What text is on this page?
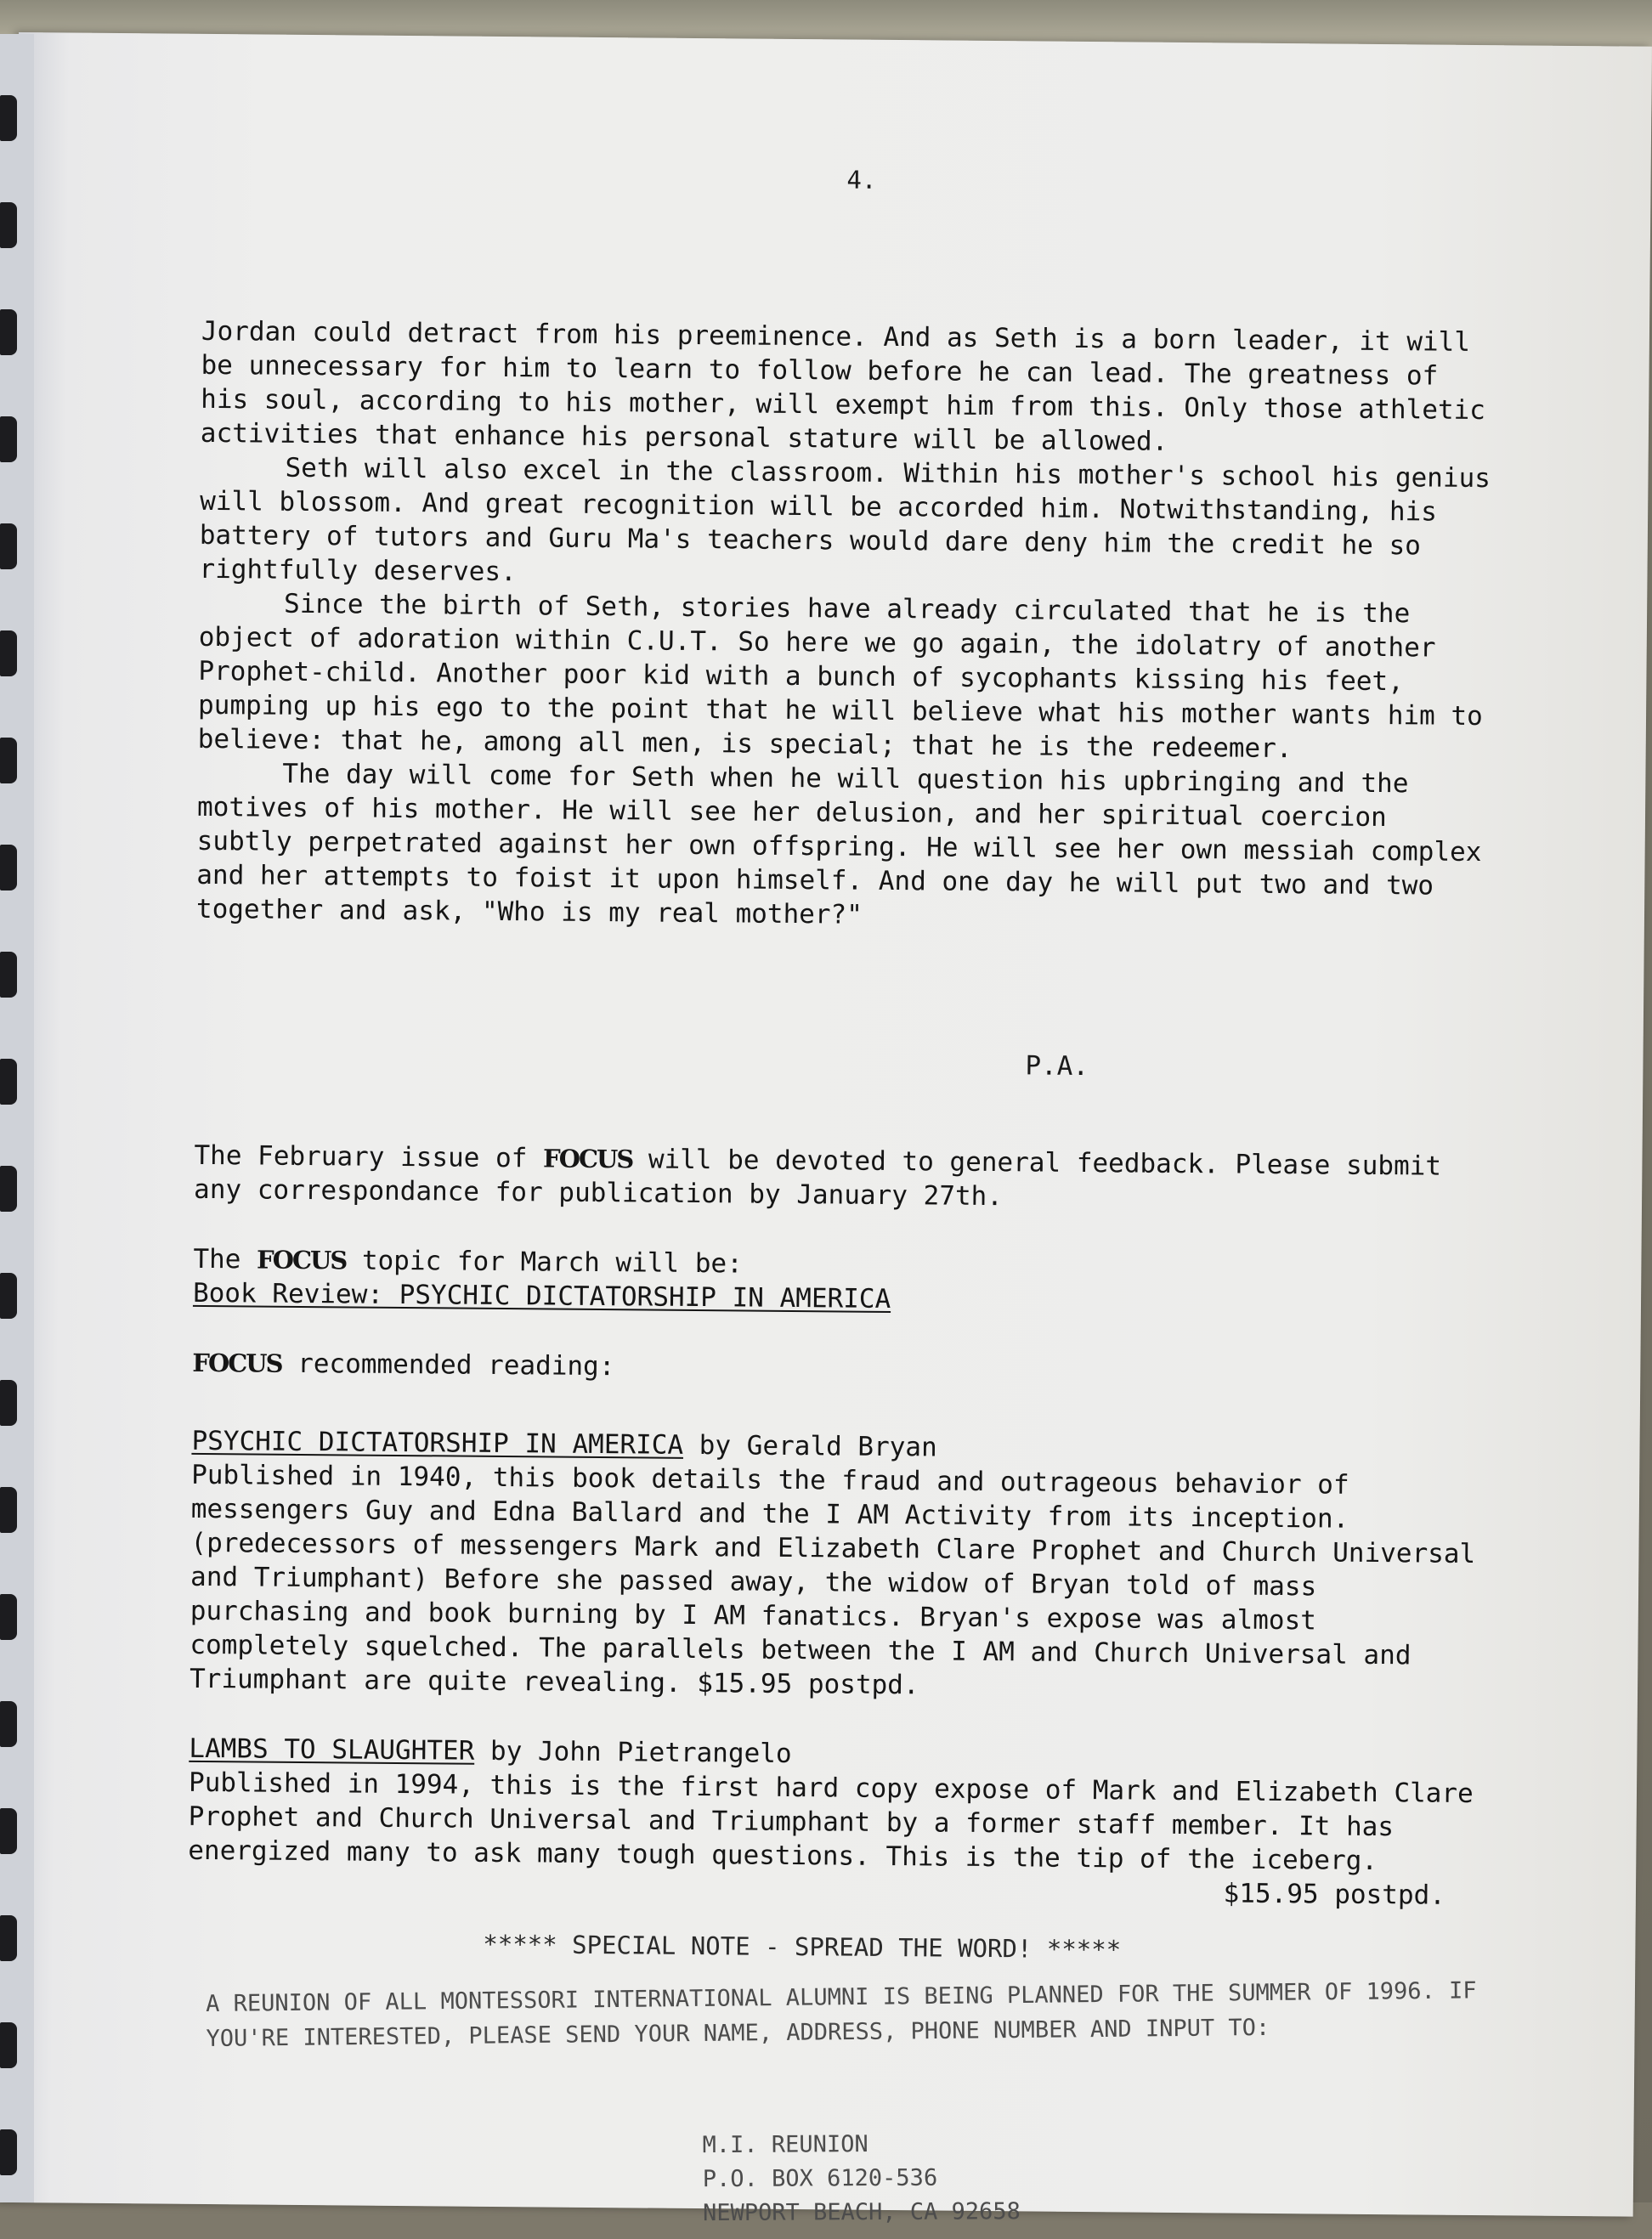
4.

Jordan could detract from his preeminence. And as Seth is a born leader, it will be unnecessary for him to learn to follow before he can lead. The greatness of his soul, according to his mother, will exempt him from this. Only those athletic activities that enhance his personal stature will be allowed.

Seth will also excel in the classroom. Within his mother's school his genius will blossom. And great recognition will be accorded him. Notwithstanding, his battery of tutors and Guru Ma's teachers would dare deny him the credit he so rightfully deserves.

Since the birth of Seth, stories have already circulated that he is the object of adoration within C.U.T. So here we go again, the idolatry of another Prophet-child. Another poor kid with a bunch of sycophants kissing his feet, pumping up his ego to the point that he will believe what his mother wants him to believe: that he, among all men, is special; that he is the redeemer.

The day will come for Seth when he will question his upbringing and the motives of his mother. He will see her delusion, and her spiritual coercion subtly perpetrated against her own offspring. He will see her own messiah complex and her attempts to foist it upon himself. And one day he will put two and two together and ask, "Who is my real mother?"

P.A.

The February issue of FOCUS will be devoted to general feedback. Please submit any correspondance for publication by January 27th.

The FOCUS topic for March will be:

Book Review: PSYCHIC DICTATORSHIP IN AMERICA

FOCUS recommended reading:

PSYCHIC DICTATORSHIP IN AMERICA by Gerald Bryan

Published in 1940, this book details the fraud and outrageous behavior of messengers Guy and Edna Ballard and the I AM Activity from its inception. (predecessors of messengers Mark and Elizabeth Clare Prophet and Church Universal and Triumphant) Before she passed away, the widow of Bryan told of mass purchasing and book burning by I AM fanatics. Bryan's expose was almost completely squelched. The parallels between the I AM and Church Universal and Triumphant are quite revealing. $15.95 postpd.

LAMBS TO SLAUGHTER by John Pietrangelo

Published in 1994, this is the first hard copy expose of Mark and Elizabeth Clare Prophet and Church Universal and Triumphant by a former staff member. It has energized many to ask many tough questions. This is the tip of the iceberg.

$15.95 postpd.

***** SPECIAL NOTE - SPREAD THE WORD! *****
A REUNION OF ALL MONTESSORI INTERNATIONAL ALUMNI IS BEING PLANNED FOR THE SUMMER OF 1996. IF YOU'RE INTERESTED, PLEASE SEND YOUR NAME, ADDRESS, PHONE NUMBER AND INPUT TO:
M.I. REUNION
P.O. BOX 6120-536
NEWPORT BEACH, CA 92658
